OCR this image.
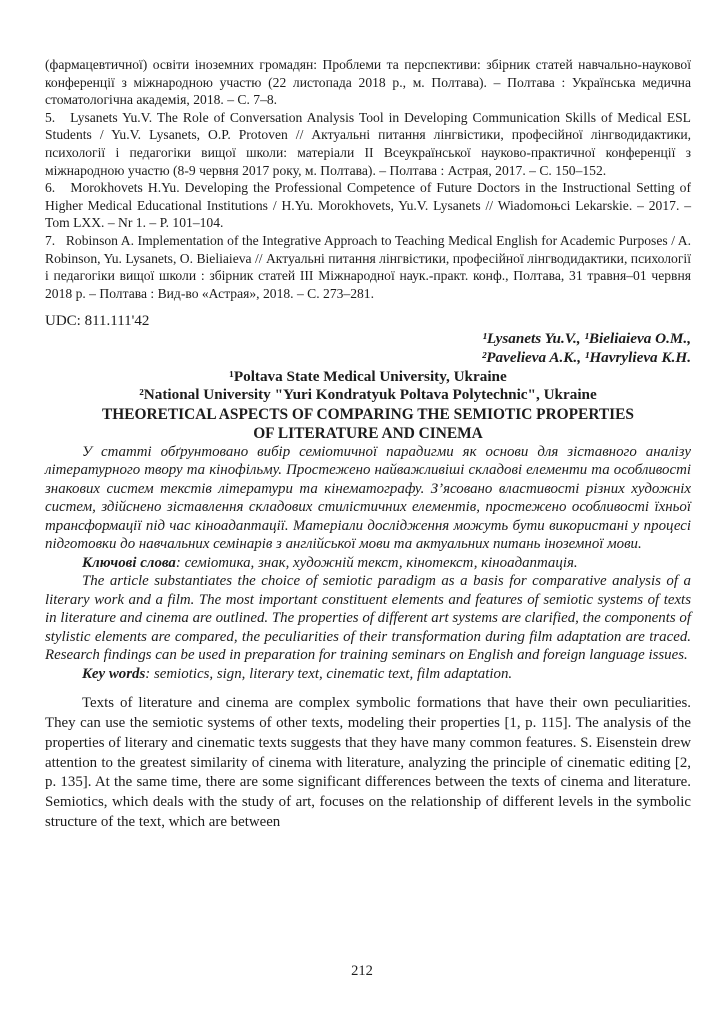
(фармацевтичної) освіти іноземних громадян: Проблеми та перспективи: збірник статей навчально-наукової конференції з міжнародною участю (22 листопада 2018 р., м. Полтава). – Полтава : Українська медична стоматологічна академія, 2018. – С. 7–8.

5.   Lysanets Yu.V. The Role of Conversation Analysis Tool in Developing Communication Skills of Medical ESL Students / Yu.V. Lysanets, O.P. Protoven // Актуальні питання лінгвістики, професійної лінгводидактики, психології і педагогіки вищої школи: матеріали ІІ Всеукраїнської науково-практичної конференції з міжнародною участю (8-9 червня 2017 року, м. Полтава). – Полтава : Астрая, 2017. – С. 150–152.

6.   Morokhovets H.Yu. Developing the Professional Competence of Future Doctors in the Instructional Setting of Higher Medical Educational Institutions / H.Yu. Morokhovets, Yu.V. Lysanets // Wiadomoњci Lekarskie. – 2017. – Tom LXX. – Nr 1. – P. 101–104.

7.   Robinson A. Implementation of the Integrative Approach to Teaching Medical English for Academic Purposes / A. Robinson, Yu. Lysanets, O. Bieliaieva // Актуальні питання лінгвістики, професійної лінгводидактики, психології і педагогіки вищої школи : збірник статей ІІІ Міжнародної наук.-практ. конф., Полтава, 31 травня–01 червня 2018 р. – Полтава : Вид-во «Астрая», 2018. – С. 273–281.

UDC: 811.111'42

¹Lysanets Yu.V., ¹Bieliaieva O.M.,

²Pavelieva A.K., ¹Havrylieva K.H.

¹Poltava State Medical University, Ukraine

²National University "Yuri Kondratyuk Poltava Polytechnic", Ukraine

THEORETICAL ASPECTS OF COMPARING THE SEMIOTIC PROPERTIES
OF LITERATURE AND CINEMA

У статті обґрунтовано вибір семіотичної парадигми як основи для зіставного аналізу літературного твору та кінофільму. Простежено найважливіші складові елементи та особливості знакових систем текстів літератури та кінематографу. З’ясовано властивості різних художніх систем, здійснено зіставлення складових стилістичних елементів, простежено особливості їхньої трансформації під час кіноадаптації. Матеріали дослідження можуть бути використані у процесі підготовки до навчальних семінарів з англійської мови та актуальних питань іноземної мови.

Ключові слова: семіотика, знак, художній текст, кінотекст, кіноадаптація.

The article substantiates the choice of semiotic paradigm as a basis for comparative analysis of a literary work and a film. The most important constituent elements and features of semiotic systems of texts in literature and cinema are outlined. The properties of different art systems are clarified, the components of stylistic elements are compared, the peculiarities of their transformation during film adaptation are traced. Research findings can be used in preparation for training seminars on English and foreign language issues.

Key words: semiotics, sign, literary text, cinematic text, film adaptation.

Texts of literature and cinema are complex symbolic formations that have their own peculiarities. They can use the semiotic systems of other texts, modeling their properties [1, p. 115]. The analysis of the properties of literary and cinematic texts suggests that they have many common features. S. Eisenstein drew attention to the greatest similarity of cinema with literature, analyzing the principle of cinematic editing [2, p. 135]. At the same time, there are some significant differences between the texts of cinema and literature. Semiotics, which deals with the study of art, focuses on the relationship of different levels in the symbolic structure of the text, which are between

212
